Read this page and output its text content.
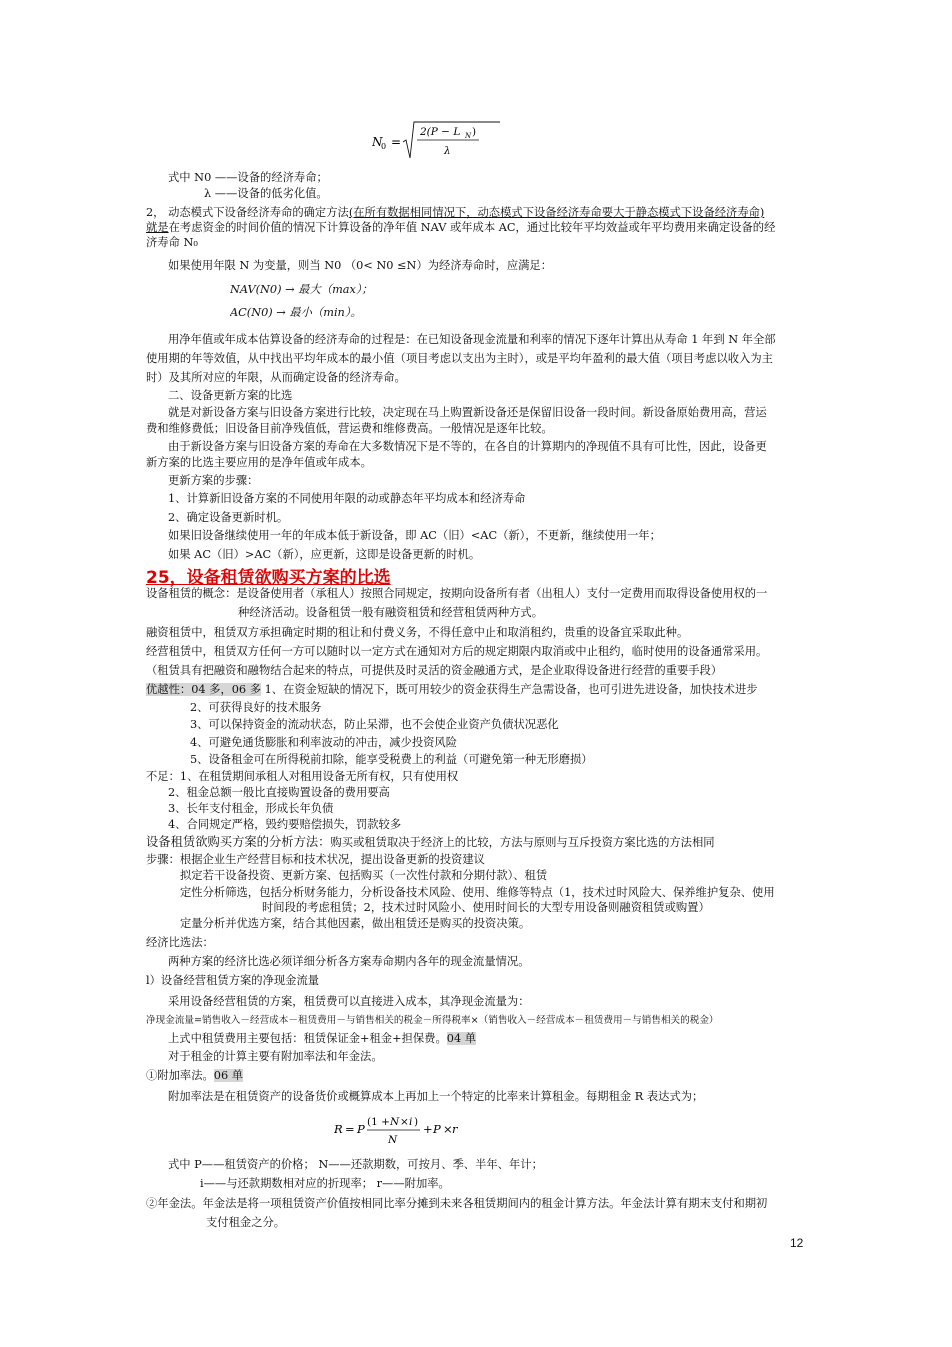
N
0 =
2(P − L N )
λ
式中 N0 ——设备的经济寿命；
λ ——设备的低劣化值。
2， 动态模式下设备经济寿命的确定方法(在所有数据相同情况下，动态模式下设备经济寿命要大于静态模式下设备经济寿命)
就是在考虑资金的时间价值的情况下计算设备的净年值 NAV 或年成本 AC，通过比较年平均效益或年平均费用来确定设备的经
济寿命 N₀
如果使用年限 N 为变量，则当 N0 （0< N0 ≤N）为经济寿命时，应满足：
NAV(N0) → 最大（max）；
AC(N0) → 最小（min）。
用净年值或年成本估算设备的经济寿命的过程是：在已知设备现金流量和利率的情况下逐年计算出从寿命 1 年到 N 年全部
使用期的年等效值，从中找出平均年成本的最小值（项目考虑以支出为主时），或是平均年盈利的最大值（项目考虑以收入为主
时）及其所对应的年限，从而确定设备的经济寿命。
二、设备更新方案的比选
就是对新设备方案与旧设备方案进行比较，决定现在马上购置新设备还是保留旧设备一段时间。新设备原始费用高，营运
费和维修费低；旧设备目前净残值低，营运费和维修费高。一般情况是逐年比较。
由于新设备方案与旧设备方案的寿命在大多数情况下是不等的，在各自的计算期内的净现值不具有可比性，因此，设备更
新方案的比选主要应用的是净年值或年成本。
更新方案的步骤：
1、计算新旧设备方案的不同使用年限的动或静态年平均成本和经济寿命
2、确定设备更新时机。
如果旧设备继续使用一年的年成本低于新设备，即 AC（旧）<AC（新），不更新，继续使用一年；
如果 AC（旧）>AC（新），应更新，这即是设备更新的时机。
25，设备租赁欲购买方案的比选
设备租赁的概念：是设备使用者（承租人）按照合同规定，按期向设备所有者（出租人）支付一定费用而取得设备使用权的一
种经济活动。设备租赁一般有融资租赁和经营租赁两种方式。
融资租赁中，租赁双方承担确定时期的租让和付费义务，不得任意中止和取消租约，贵重的设备宜采取此种。
经营租赁中，租赁双方任何一方可以随时以一定方式在通知对方后的规定期限内取消或中止租约，临时使用的设备通常采用。
（租赁具有把融资和融物结合起来的特点，可提供及时灵活的资金融通方式，是企业取得设备进行经营的重要手段）
优越性：04 多，06 多 1、在资金短缺的情况下，既可用较少的资金获得生产急需设备，也可引进先进设备，加快技术进步
2、可获得良好的技术服务
3、可以保持资金的流动状态，防止呆滞，也不会使企业资产负债状况恶化
4、可避免通货膨胀和利率波动的冲击，减少投资风险
5、设备租金可在所得税前扣除，能享受税费上的利益（可避免第一种无形磨损）
不足：1、在租赁期间承租人对租用设备无所有权，只有使用权
2、租金总额一般比直接购置设备的费用要高
3、长年支付租金，形成长年负债
4、合同规定严格，毁约要赔偿损失，罚款较多
设备租赁欲购买方案的分析方法：购买或租赁取决于经济上的比较，方法与原则与互斥投资方案比选的方法相同
步骤：根据企业生产经营目标和技术状况，提出设备更新的投资建议
拟定若干设备投资、更新方案、包括购买（一次性付款和分期付款）、租赁
定性分析筛选，包括分析财务能力，分析设备技术风险、使用、维修等特点（1，技术过时风险大、保养维护复杂、使用
时间段的考虑租赁；2，技术过时风险小、使用时间长的大型专用设备则融资租赁或购置）
定量分析并优选方案，结合其他因素，做出租赁还是购买的投资决策。
经济比选法：
两种方案的经济比选必须详细分析各方案寿命期内各年的现金流量情况。
l）设备经营租赁方案的净现金流量
采用设备经营租赁的方案，租赁费可以直接进入成本，其净现金流量为：
净现金流量=销售收入－经营成本－租赁费用－与销售相关的税金－所得税率×（销售收入－经营成本－租赁费用－与销售相关的税金）
上式中租赁费用主要包括：租赁保证金+租金+担保费。04 单
对于租金的计算主要有附加率法和年金法。
①附加率法。06 单
附加率法是在租赁资产的设备货价或概算成本上再加上一个特定的比率来计算租金。每期租金 R 表达式为；
R = P (1 + N × i )
N
+ P × r
式中 P——租赁资产的价格； N——还款期数，可按月、季、半年、年计；
i——与还款期数相对应的折现率； r——附加率。
②年金法。年金法是将一项租赁资产价值按相同比率分摊到未来各租赁期间内的租金计算方法。年金法计算有期末支付和期初
支付租金之分。
12
